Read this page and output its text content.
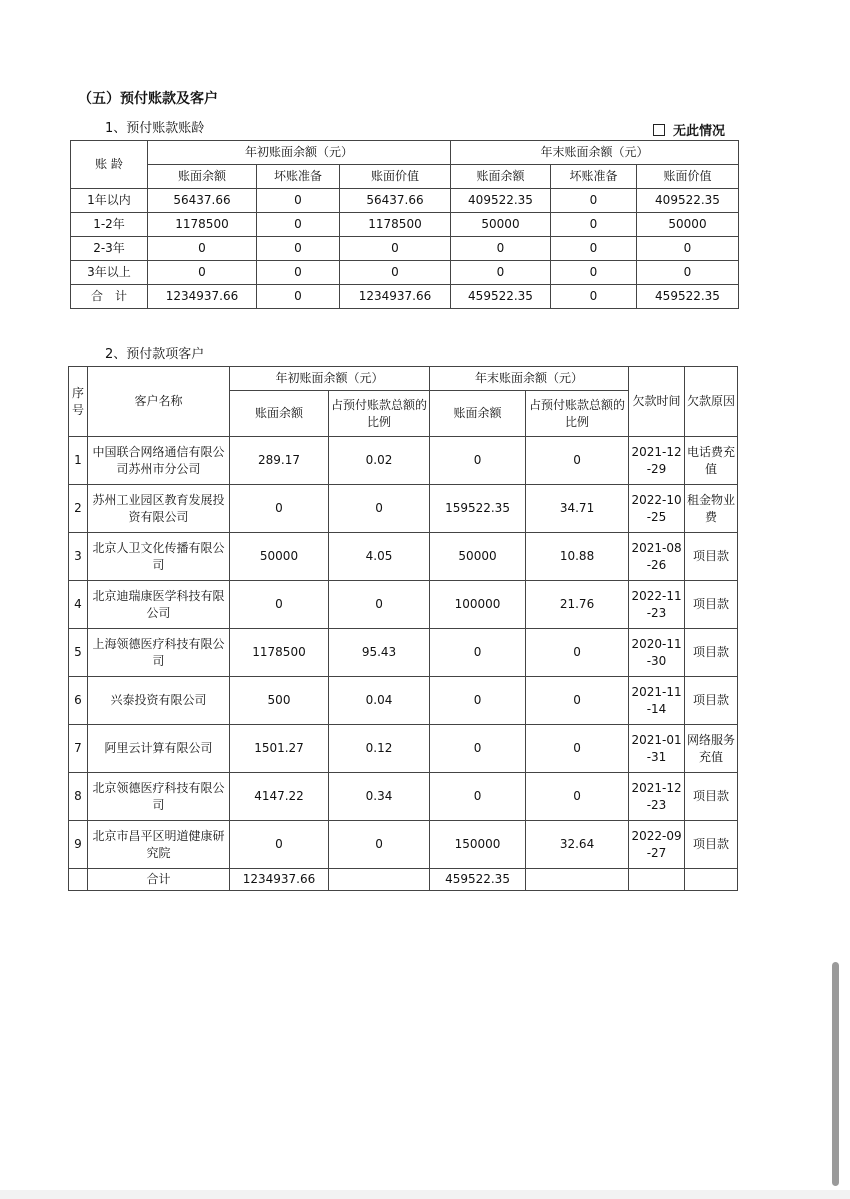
（五）预付账款及客户
1、预付账款账龄	无此情况
账 龄	年初账面余额（元）			年末账面余额（元）		
	账面余额	坏账准备	账面价值	账面余额	坏账准备	账面价值
1年以内	56437.66	0	56437.66	409522.35	0	409522.35
1-2年	1178500	0	1178500	50000	0	50000
2-3年	0	0	0	0	0	0
3年以上	0	0	0	0	0	0
合　计	1234937.66	0	1234937.66	459522.35	0	459522.35
2、预付款项客户
序号	客户名称	年初账面余额（元）		年末账面余额（元）		欠款时间	欠款原因
		账面余额	占预付账款总额的比例	账面余额	占预付账款总额的比例		
1	中国联合网络通信有限公司苏州市分公司	289.17	0.02	0	0	2021-12-29	电话费充值
2	苏州工业园区教育发展投资有限公司	0	0	159522.35	34.71	2022-10-25	租金物业费
3	北京人卫文化传播有限公司	50000	4.05	50000	10.88	2021-08-26	项目款
4	北京迪瑞康医学科技有限公司	0	0	100000	21.76	2022-11-23	项目款
5	上海领德医疗科技有限公司	1178500	95.43	0	0	2020-11-30	项目款
6	兴泰投资有限公司	500	0.04	0	0	2021-11-14	项目款
7	阿里云计算有限公司	1501.27	0.12	0	0	2021-01-31	网络服务充值
8	北京领德医疗科技有限公司	4147.22	0.34	0	0	2021-12-23	项目款
9	北京市昌平区明道健康研究院	0	0	150000	32.64	2022-09-27	项目款
	合计	1234937.66		459522.35			
